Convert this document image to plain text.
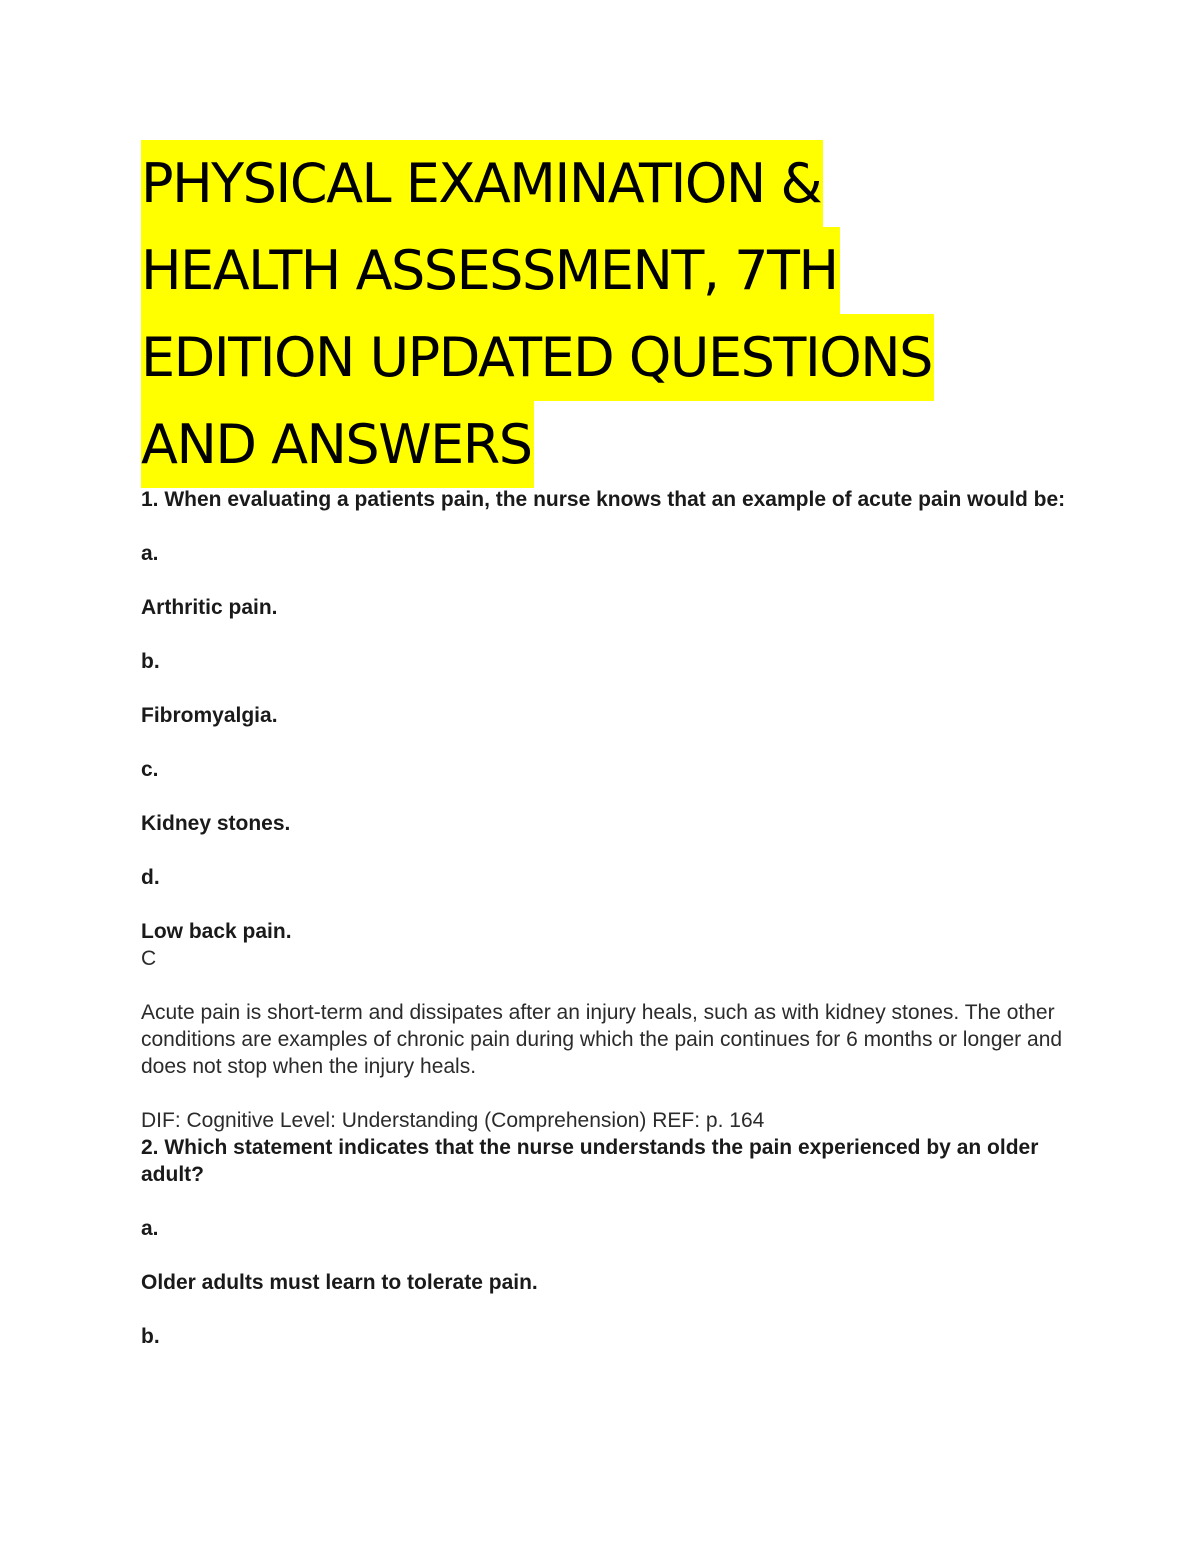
PHYSICAL EXAMINATION &
HEALTH ASSESSMENT, 7TH
EDITION UPDATED QUESTIONS
AND ANSWERS

1. When evaluating a patients pain, the nurse knows that an example of acute pain would be:

a.

Arthritic pain.

b.

Fibromyalgia.

c.

Kidney stones.

d.

Low back pain.

C

Acute pain is short-term and dissipates after an injury heals, such as with kidney stones. The other conditions are examples of chronic pain during which the pain continues for 6 months or longer and does not stop when the injury heals.

DIF: Cognitive Level: Understanding (Comprehension) REF: p. 164

2. Which statement indicates that the nurse understands the pain experienced by an older adult?

a.

Older adults must learn to tolerate pain.

b.
